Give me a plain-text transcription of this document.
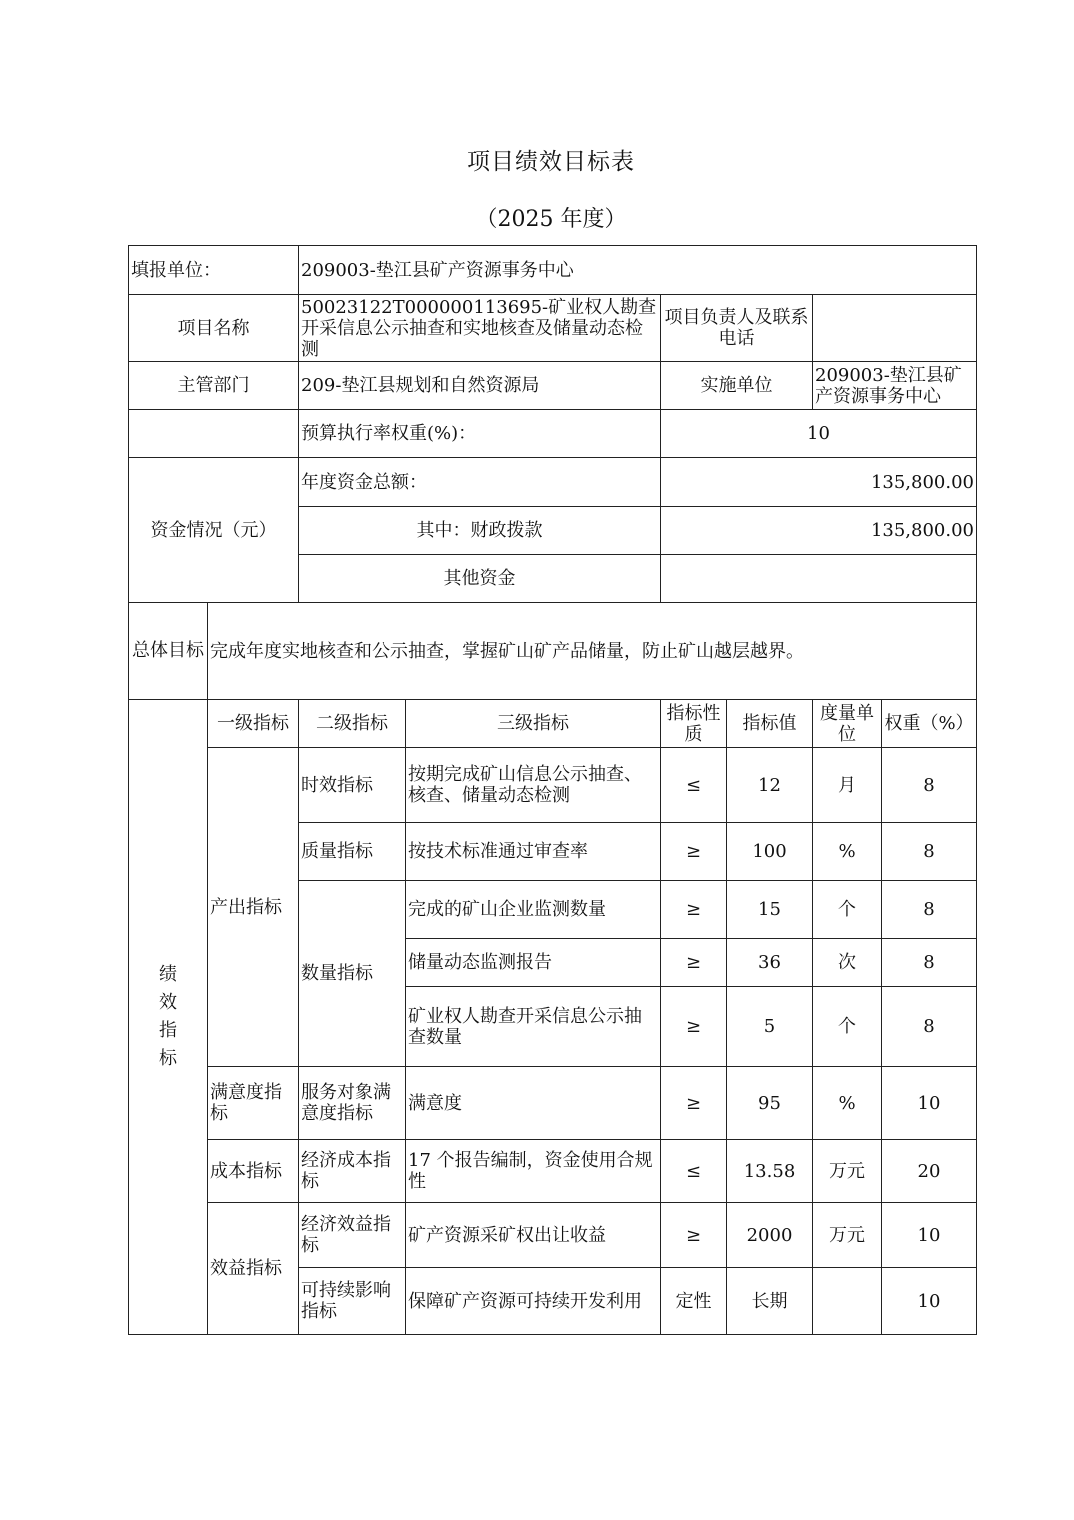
项目绩效目标表
（2025 年度）
填报单位：		209003-垫江县矿产资源事务中心					
项目名称		50023122T000000113695-矿业权人勘查开采信息公示抽查和实地核查及储量动态检测		项目负责人及联系电话			
主管部门		209-垫江县规划和自然资源局		实施单位		209003-垫江县矿产资源事务中心	
		预算执行率权重(%)：		10			
资金情况（元）		年度资金总额：		135,800.00			
		其中：财政拨款		135,800.00			
		其他资金					
总体目标	完成年度实地核查和公示抽查，掌握矿山矿产品储量，防止矿山越层越界。						
绩效指标	一级指标	二级指标	三级指标	指标性质	指标值	度量单位	权重（%）
	产出指标	时效指标	按期完成矿山信息公示抽查、核查、储量动态检测	≤	12	月	8
		质量指标	按技术标准通过审查率	≥	100	%	8
		数量指标	完成的矿山企业监测数量	≥	15	个	8
			储量动态监测报告	≥	36	次	8
			矿业权人勘查开采信息公示抽查数量	≥	5	个	8
	满意度指标	服务对象满意度指标	满意度	≥	95	%	10
	成本指标	经济成本指标	17 个报告编制，资金使用合规性	≤	13.58	万元	20
	效益指标	经济效益指标	矿产资源采矿权出让收益	≥	2000	万元	10
		可持续影响指标	保障矿产资源可持续开发利用	定性	长期		10
